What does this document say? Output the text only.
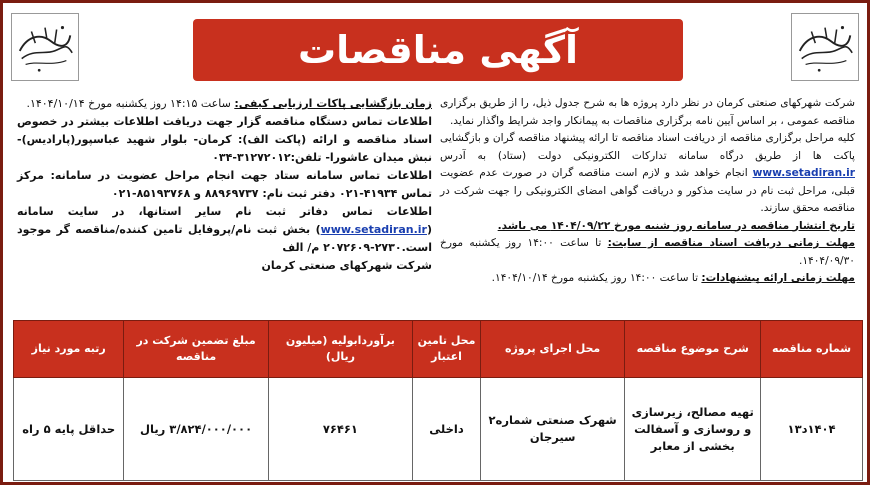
آگهی مناقصات

شرکت شهرکهای صنعتی کرمان در نظر دارد پروژه ها به شرح جدول ذیل، را از طریق برگزاری مناقصه عمومی ، بر اساس آیین نامه برگزاری مناقصات به پیمانکار واجد شرایط واگذار نماید.

کلیه مراحل برگزاری مناقصه از دریافت اسناد مناقصه تا ارائه پیشنهاد مناقصه گران و بازگشایی پاکت ها از طریق درگاه سامانه تدارکات الکترونیکی دولت (ستاد) به آدرس www.setadiran.ir انجام خواهد شد و لازم است مناقصه گران در صورت عدم عضویت قبلی، مراحل ثبت نام در سایت مذکور و دریافت گواهی امضای الکترونیکی را جهت شرکت در مناقصه محقق سازند.

تاریخ انتشار مناقصه در سامانه روز شنبه مورخ ۱۴۰۴/۰۹/۲۲ می باشد.

مهلت زمانی دریافت اسناد مناقصه از سایت: تا ساعت ۱۴:۰۰ روز یکشنبه مورخ ۱۴۰۴/۰۹/۳۰.

مهلت زمانی ارائه پیشنهادات: تا ساعت ۱۴:۰۰ روز یکشنبه مورخ ۱۴۰۴/۱۰/۱۴.

زمان بازگشایی پاکات ارزیابی کیفی: ساعت ۱۴:۱۵ روز یکشنبه مورخ ۱۴۰۴/۱۰/۱۴.

اطلاعات تماس دستگاه مناقصه گزار جهت دریافت اطلاعات بیشتر در خصوص اسناد مناقصه و ارائه (پاکت الف): کرمان- بلوار شهید عباسپور(پارادیس)- نبش میدان عاشورا- تلفن:۳۱۲۷۲۰۱۲-۰۳۴

اطلاعات تماس سامانه ستاد جهت انجام مراحل عضویت در سامانه: مرکز تماس ۴۱۹۳۴-۰۲۱ دفتر ثبت نام: ۸۸۹۶۹۷۳۷ و ۸۵۱۹۳۷۶۸-۰۲۱

اطلاعات تماس دفاتر ثبت نام سایر استانها، در سایت سامانه (www.setadiran.ir) بخش ثبت نام/پروفایل تامین کننده/مناقصه گر موجود است.۲۷۳۰-۲۰۷۲۶۰۹ م/ الف

شرکت شهرکهای صنعتی کرمان

شماره مناقصه	شرح موضوع مناقصه	محل اجرای پروژه	محل تامین اعتبار	برآوردابولیه (میلیون ریال)	مبلغ تضمین شرکت در مناقصه	رتبه مورد نیاز
۱۴۰۴د۱۳	تهیه مصالح، زیرسازی و روسازی و آسفالت بخشی از معابر	شهرک صنعتی شماره۲ سیرجان	داخلی	۷۶۴۶۱	۳/۸۲۴/۰۰۰/۰۰۰ ریال	حداقل پایه ۵ راه
